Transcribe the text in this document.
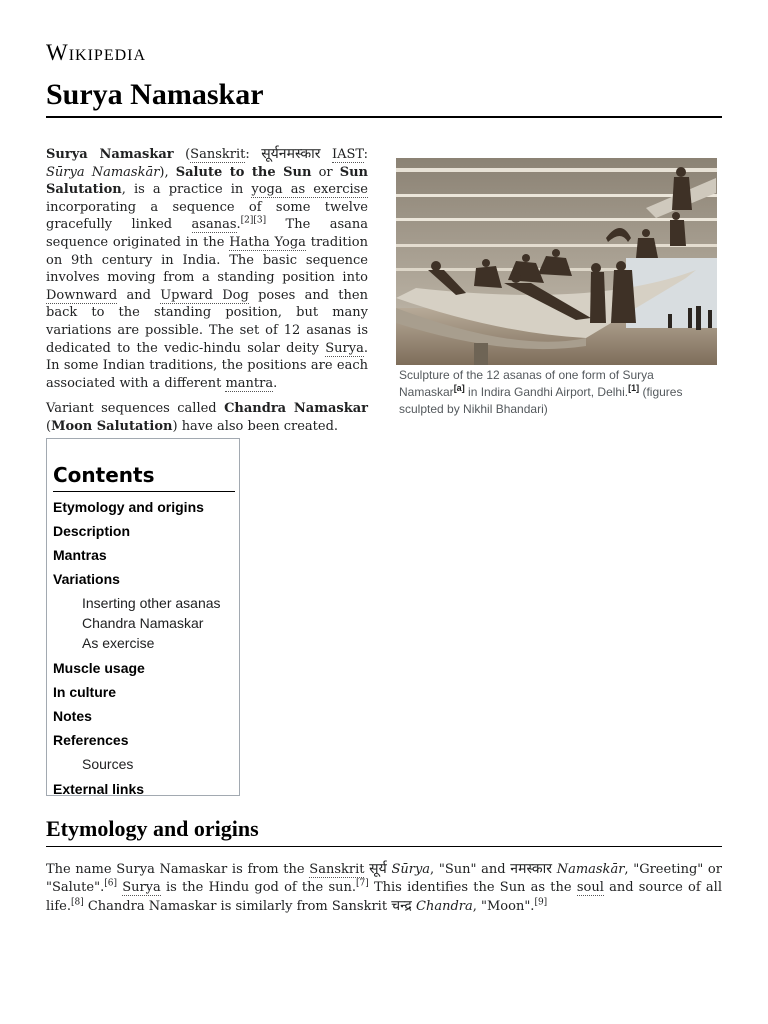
Wikipedia
Surya Namaskar

Surya Namaskar (Sanskrit: सूर्यनमस्कार IAST: Sūrya Namaskār), Salute to the Sun or Sun Salutation, is a practice in yoga as exercise incorporating a sequence of some twelve gracefully linked asanas.[2][3] The asana sequence originated in the Hatha Yoga tradition on 9th century in India. The basic sequence involves moving from a standing position into Downward and Upward Dog poses and then back to the standing position, but many variations are possible. The set of 12 asanas is dedicated to the vedic-hindu solar deity Surya. In some Indian traditions, the positions are each associated with a different mantra.

Variant sequences called Chandra Namaskar (Moon Salutation) have also been created.

Sculpture of the 12 asanas of one form of Surya Namaskar[a] in Indira Gandhi Airport, Delhi.[1] (figures sculpted by Nikhil Bhandari)
Contents
Etymology and origins
Description
Mantras
Variations
Inserting other asanas
Chandra Namaskar
As exercise
Muscle usage
In culture
Notes
References
Sources
External links
Etymology and origins

The name Surya Namaskar is from the Sanskrit सूर्य Sūrya, "Sun" and नमस्कार Namaskār, "Greeting" or "Salute".[6] Surya is the Hindu god of the sun.[7] This identifies the Sun as the soul and source of all life.[8] Chandra Namaskar is similarly from Sanskrit चन्द्र Chandra, "Moon".[9]
